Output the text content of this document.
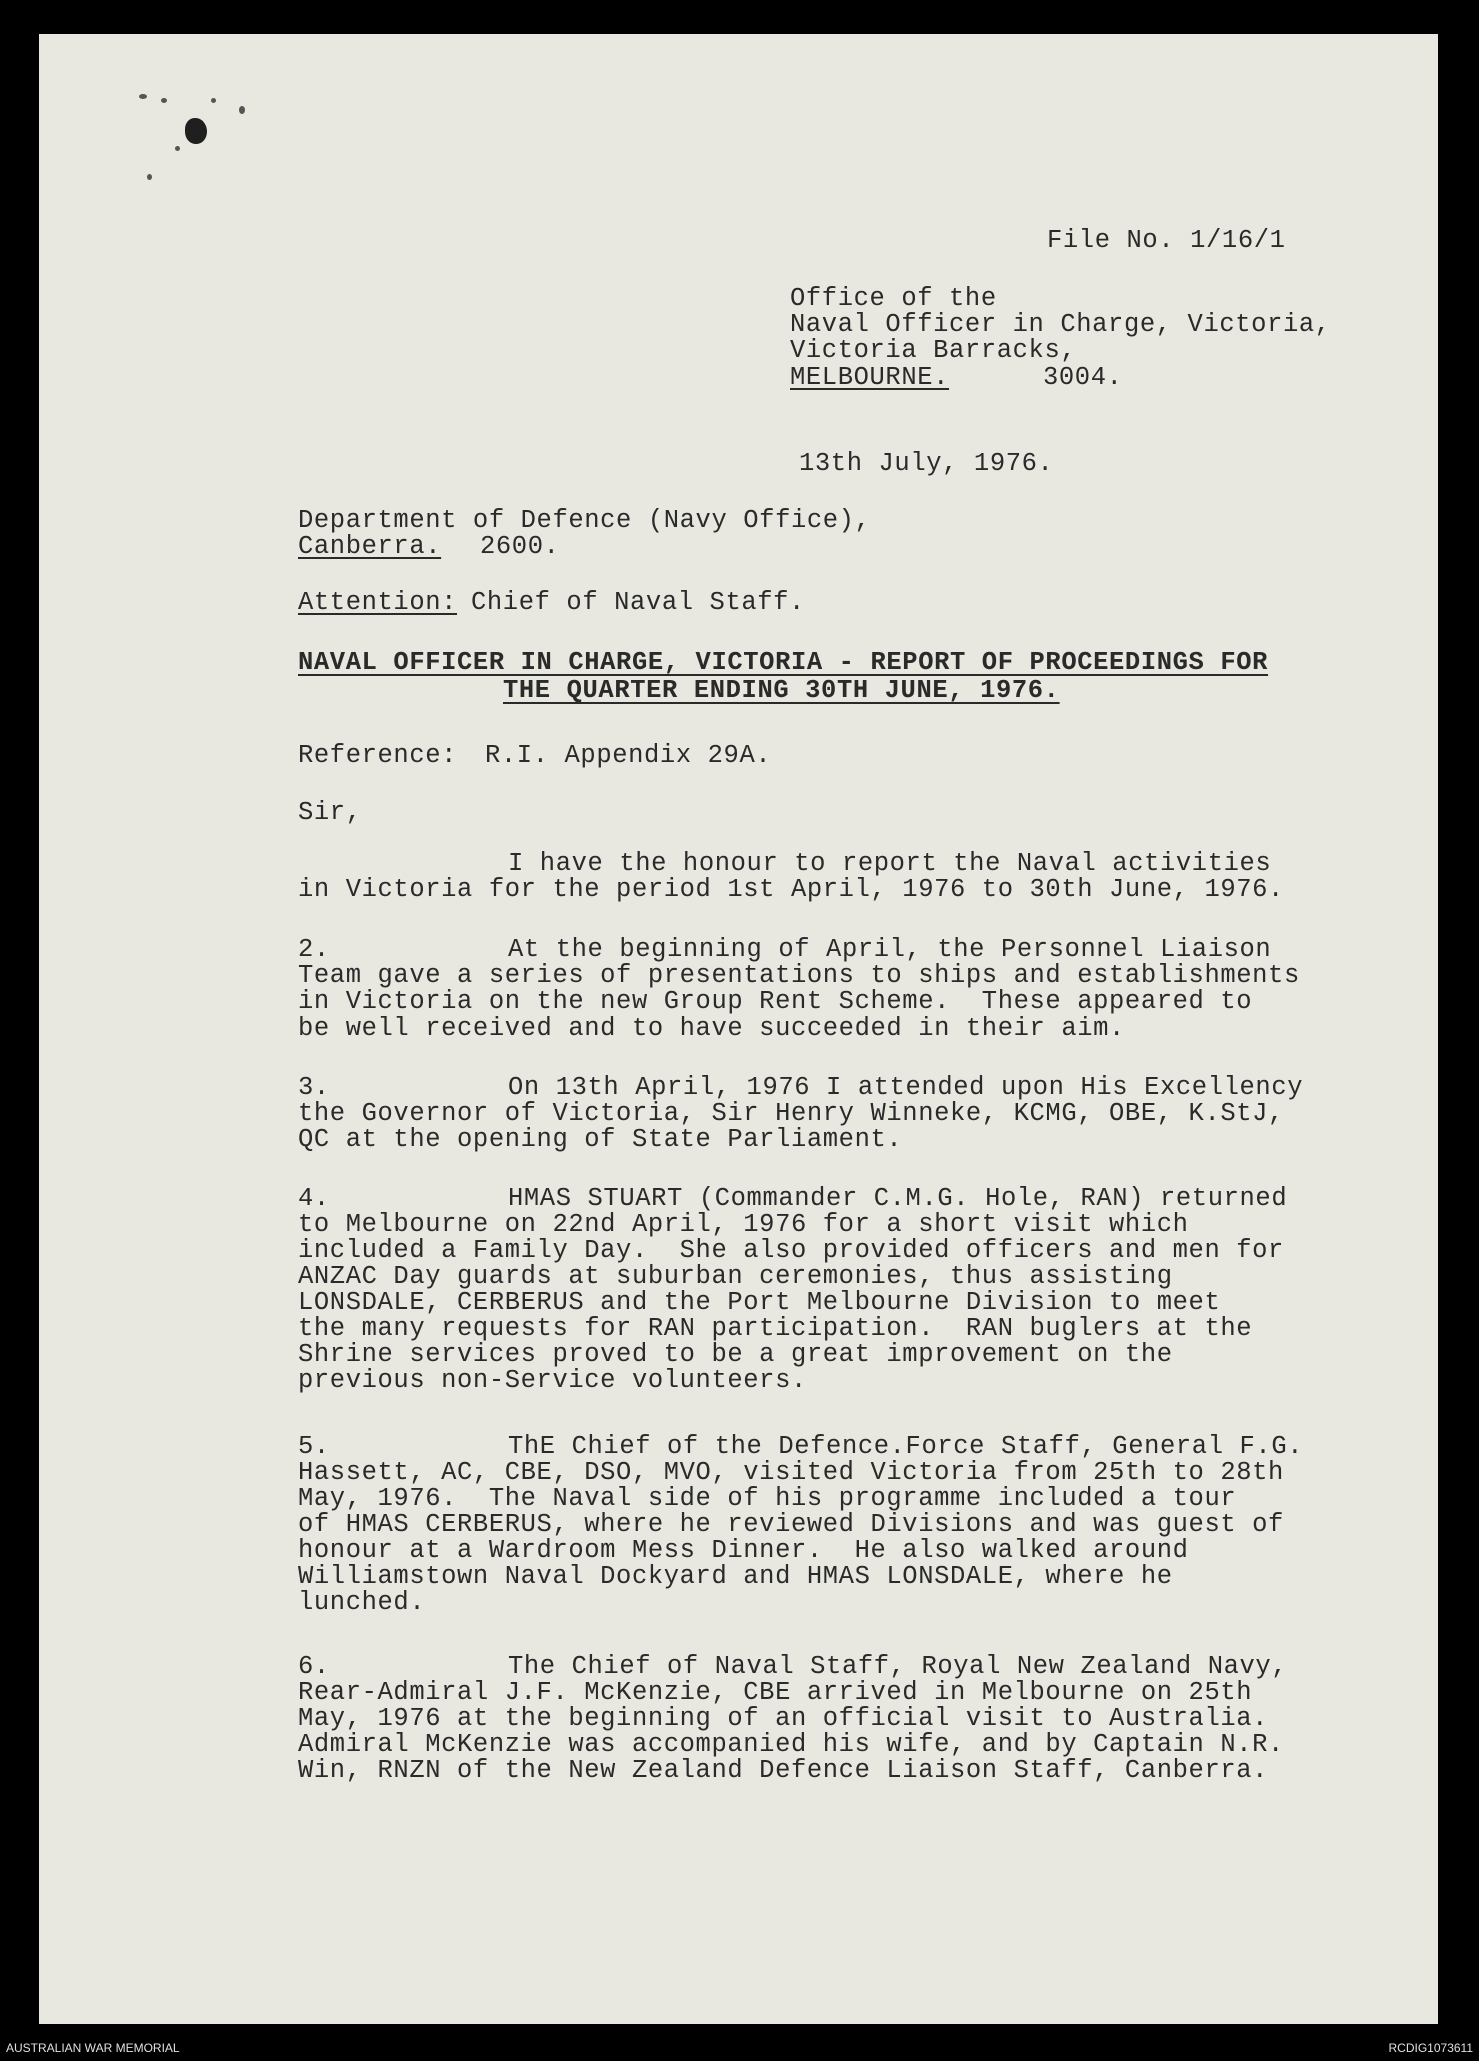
File No. 1/16/1
Office of the
Naval Officer in Charge, Victoria,
Victoria Barracks,
MELBOURNE.	3004.
13th July, 1976.
Department of Defence (Navy Office),
Canberra. 2600.
Attention: Chief of Naval Staff.
NAVAL OFFICER IN CHARGE, VICTORIA - REPORT OF PROCEEDINGS FOR
THE QUARTER ENDING 30TH JUNE, 1976.
Reference: R.I. Appendix 29A.
Sir,
I have the honour to report the Naval activities
in Victoria for the period 1st April, 1976 to 30th June, 1976.
2.	At the beginning of April, the Personnel Liaison
Team gave a series of presentations to ships and establishments
in Victoria on the new Group Rent Scheme.  These appeared to
be well received and to have succeeded in their aim.
3.	On 13th April, 1976 I attended upon His Excellency
the Governor of Victoria, Sir Henry Winneke, KCMG, OBE, K.StJ,
QC at the opening of State Parliament.
4.	HMAS STUART (Commander C.M.G. Hole, RAN) returned
to Melbourne on 22nd April, 1976 for a short visit which
included a Family Day.  She also provided officers and men for
ANZAC Day guards at suburban ceremonies, thus assisting
LONSDALE, CERBERUS and the Port Melbourne Division to meet
the many requests for RAN participation.  RAN buglers at the
Shrine services proved to be a great improvement on the
previous non-Service volunteers.
5.	ThE Chief of the Defence.Force Staff, General F.G.
Hassett, AC, CBE, DSO, MVO, visited Victoria from 25th to 28th
May, 1976.  The Naval side of his programme included a tour
of HMAS CERBERUS, where he reviewed Divisions and was guest of
honour at a Wardroom Mess Dinner.  He also walked around
Williamstown Naval Dockyard and HMAS LONSDALE, where he
lunched.
6.	The Chief of Naval Staff, Royal New Zealand Navy,
Rear-Admiral J.F. McKenzie, CBE arrived in Melbourne on 25th
May, 1976 at the beginning of an official visit to Australia.
Admiral McKenzie was accompanied his wife, and by Captain N.R.
Win, RNZN of the New Zealand Defence Liaison Staff, Canberra.
AUSTRALIAN WAR MEMORIAL	RCDIG1073611
